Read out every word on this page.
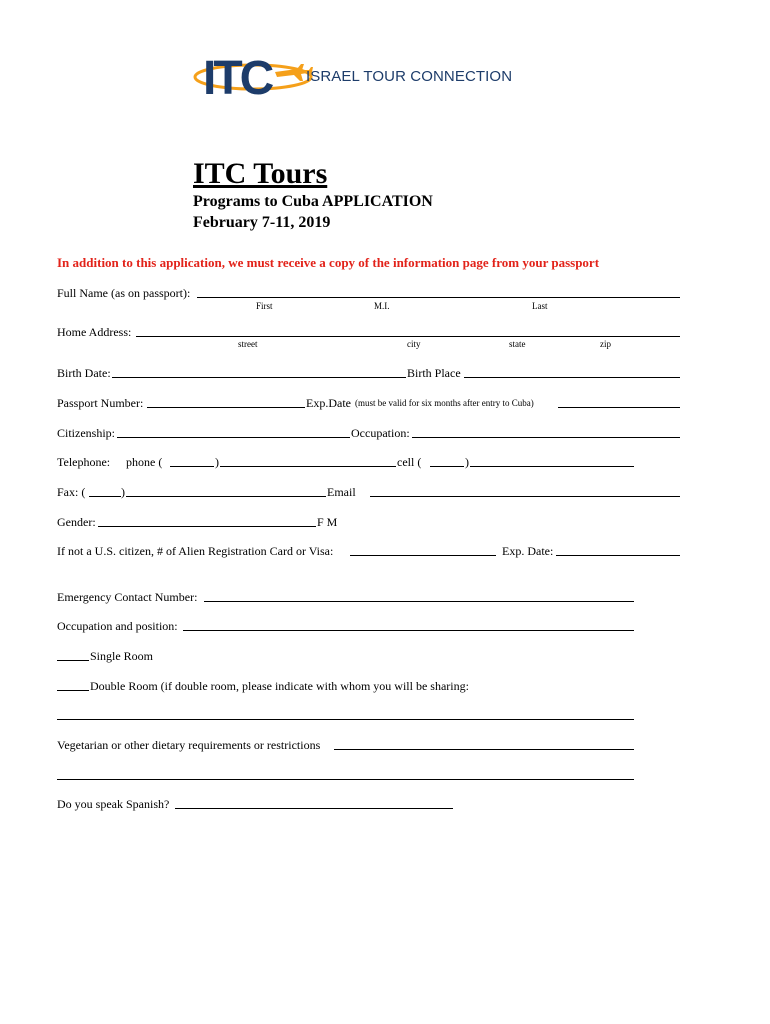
ITC ISRAEL TOUR CONNECTION
ITC Tours
Programs to Cuba APPLICATION
February 7-11, 2019
In addition to this application, we must receive a copy of the information page from your passport
Full Name (as on passport):
First	M.I.	Last
Home Address:
street	city	state	zip
Birth Date:	Birth Place
Passport Number:	Exp.Date (must be valid for six months after entry to Cuba)
Citizenship:	Occupation:
Telephone: phone (	)	cell (	)
Fax: (	)	Email
Gender:	F M
If not a U.S. citizen, # of Alien Registration Card or Visa:	Exp. Date:
Emergency Contact Number:
Occupation and position:
Single Room
Double Room (if double room, please indicate with whom you will be sharing:
Vegetarian or other dietary requirements or restrictions
Do you speak Spanish?
